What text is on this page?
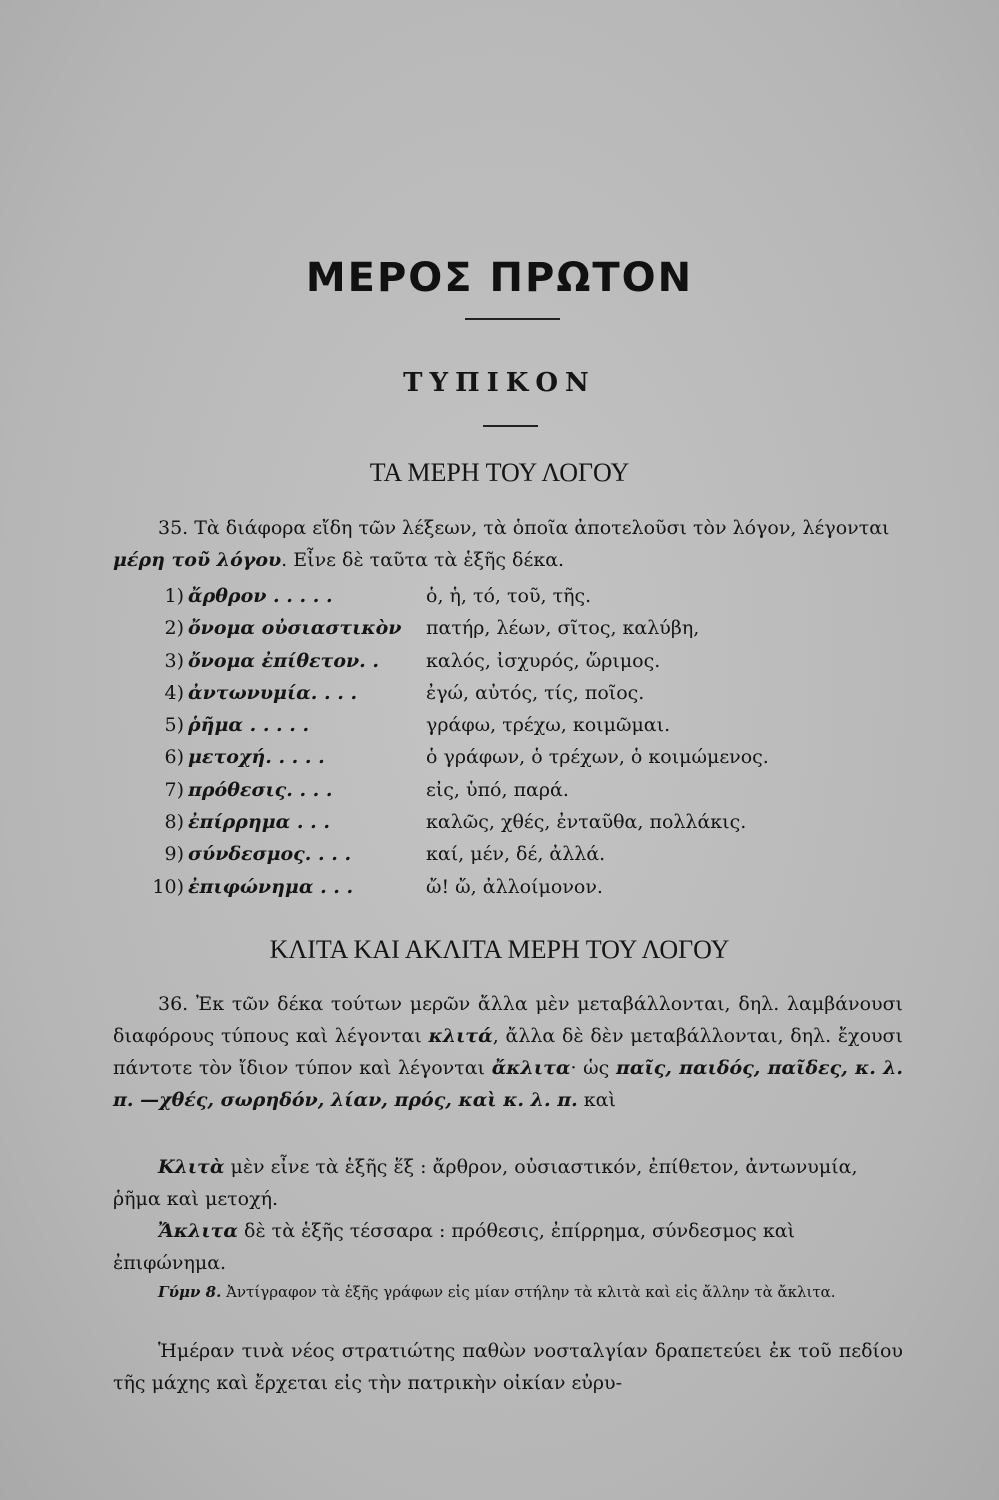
ΜΕΡΟΣ ΠΡΩΤΟΝ
ΤΥΠΙΚΟΝ
ΤΑ ΜΕΡΗ ΤΟΥ ΛΟΓΟΥ
35. Τὰ διάφορα εἴδη τῶν λέξεων, τὰ ὁποῖα ἀποτελοῦσι τὸν λόγον, λέγονται μέρη τοῦ λόγου. Εἶνε δὲ ταῦτα τὰ ἑξῆς δέκα.
1) ἄρθρον . . . . .	ὁ, ἡ, τό, τοῦ, τῆς.
2) ὄνομα οὐσιαστικὸν	πατήρ, λέων, σῖτος, καλύβη,
3) ὄνομα ἐπίθετον. .	καλός, ἰσχυρός, ὥριμος.
4) ἀντωνυμία. . . .	ἐγώ, αὐτός, τίς, ποῖος.
5) ῥῆμα . . . . .	γράφω, τρέχω, κοιμῶμαι.
6) μετοχή. . . . .	ὁ γράφων, ὁ τρέχων, ὁ κοιμώμενος.
7) πρόθεσις. . . .	εἰς, ὑπό, παρά.
8) ἐπίρρημα . . .	καλῶς, χθές, ἐνταῦθα, πολλάκις.
9) σύνδεσμος. . . .	καί, μέν, δέ, ἀλλά.
10) ἐπιφώνημα . . .	ὤ! ὤ, ἀλλοίμονον.
ΚΛΙΤΑ ΚΑΙ ΑΚΛΙΤΑ ΜΕΡΗ ΤΟΥ ΛΟΓΟΥ
36. Ἐκ τῶν δέκα τούτων μερῶν ἄλλα μὲν μεταβάλλονται, δηλ. λαμβάνουσι διαφόρους τύπους καὶ λέγονται κλιτά, ἄλλα δὲ δὲν μεταβάλλονται, δηλ. ἔχουσι πάντοτε τὸν ἴδιον τύπον καὶ λέγονται ἄκλιτα· ὡς παῖς, παιδός, παῖδες, κ. λ. π. —χθές, σωρηδόν, λίαν, πρός, καὶ κ. λ. π. καὶ
Κλιτὰ μὲν εἶνε τὰ ἑξῆς ἕξ : ἄρθρον, οὐσιαστικόν, ἐπίθετον, ἀντωνυμία, ῥῆμα καὶ μετοχή.
Ἄκλιτα δὲ τὰ ἑξῆς τέσσαρα : πρόθεσις, ἐπίρρημα, σύνδεσμος καὶ ἐπιφώνημα.
Γύμν 8. Ἀντίγραφον τὰ ἑξῆς γράφων εἰς μίαν στήλην τὰ κλιτὰ καὶ εἰς ἄλλην τὰ ἄκλιτα.
Ἡμέραν τινὰ νέος στρατιώτης παθὼν νοσταλγίαν δραπετεύει ἐκ τοῦ πεδίου τῆς μάχης καὶ ἔρχεται εἰς τὴν πατρικὴν οἰκίαν εὐρυ-
